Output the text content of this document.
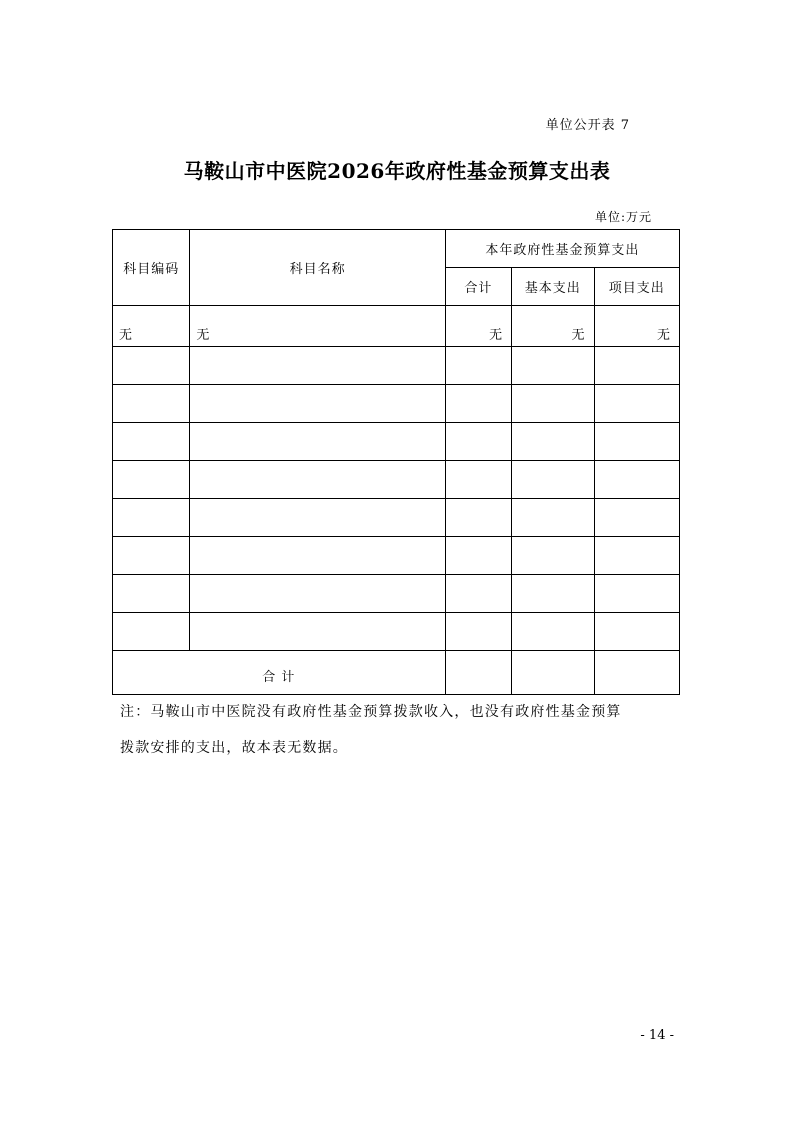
单位公开表 7
马鞍山市中医院2026年政府性基金预算支出表
单位:万元
科目编码	科目名称	本年政府性基金预算支出		
		合计	基本支出	项目支出
无	无	无	无	无

合 计				
注：马鞍山市中医院没有政府性基金预算拨款收入，也没有政府性基金预算
拨款安排的支出，故本表无数据。
- 14 -
